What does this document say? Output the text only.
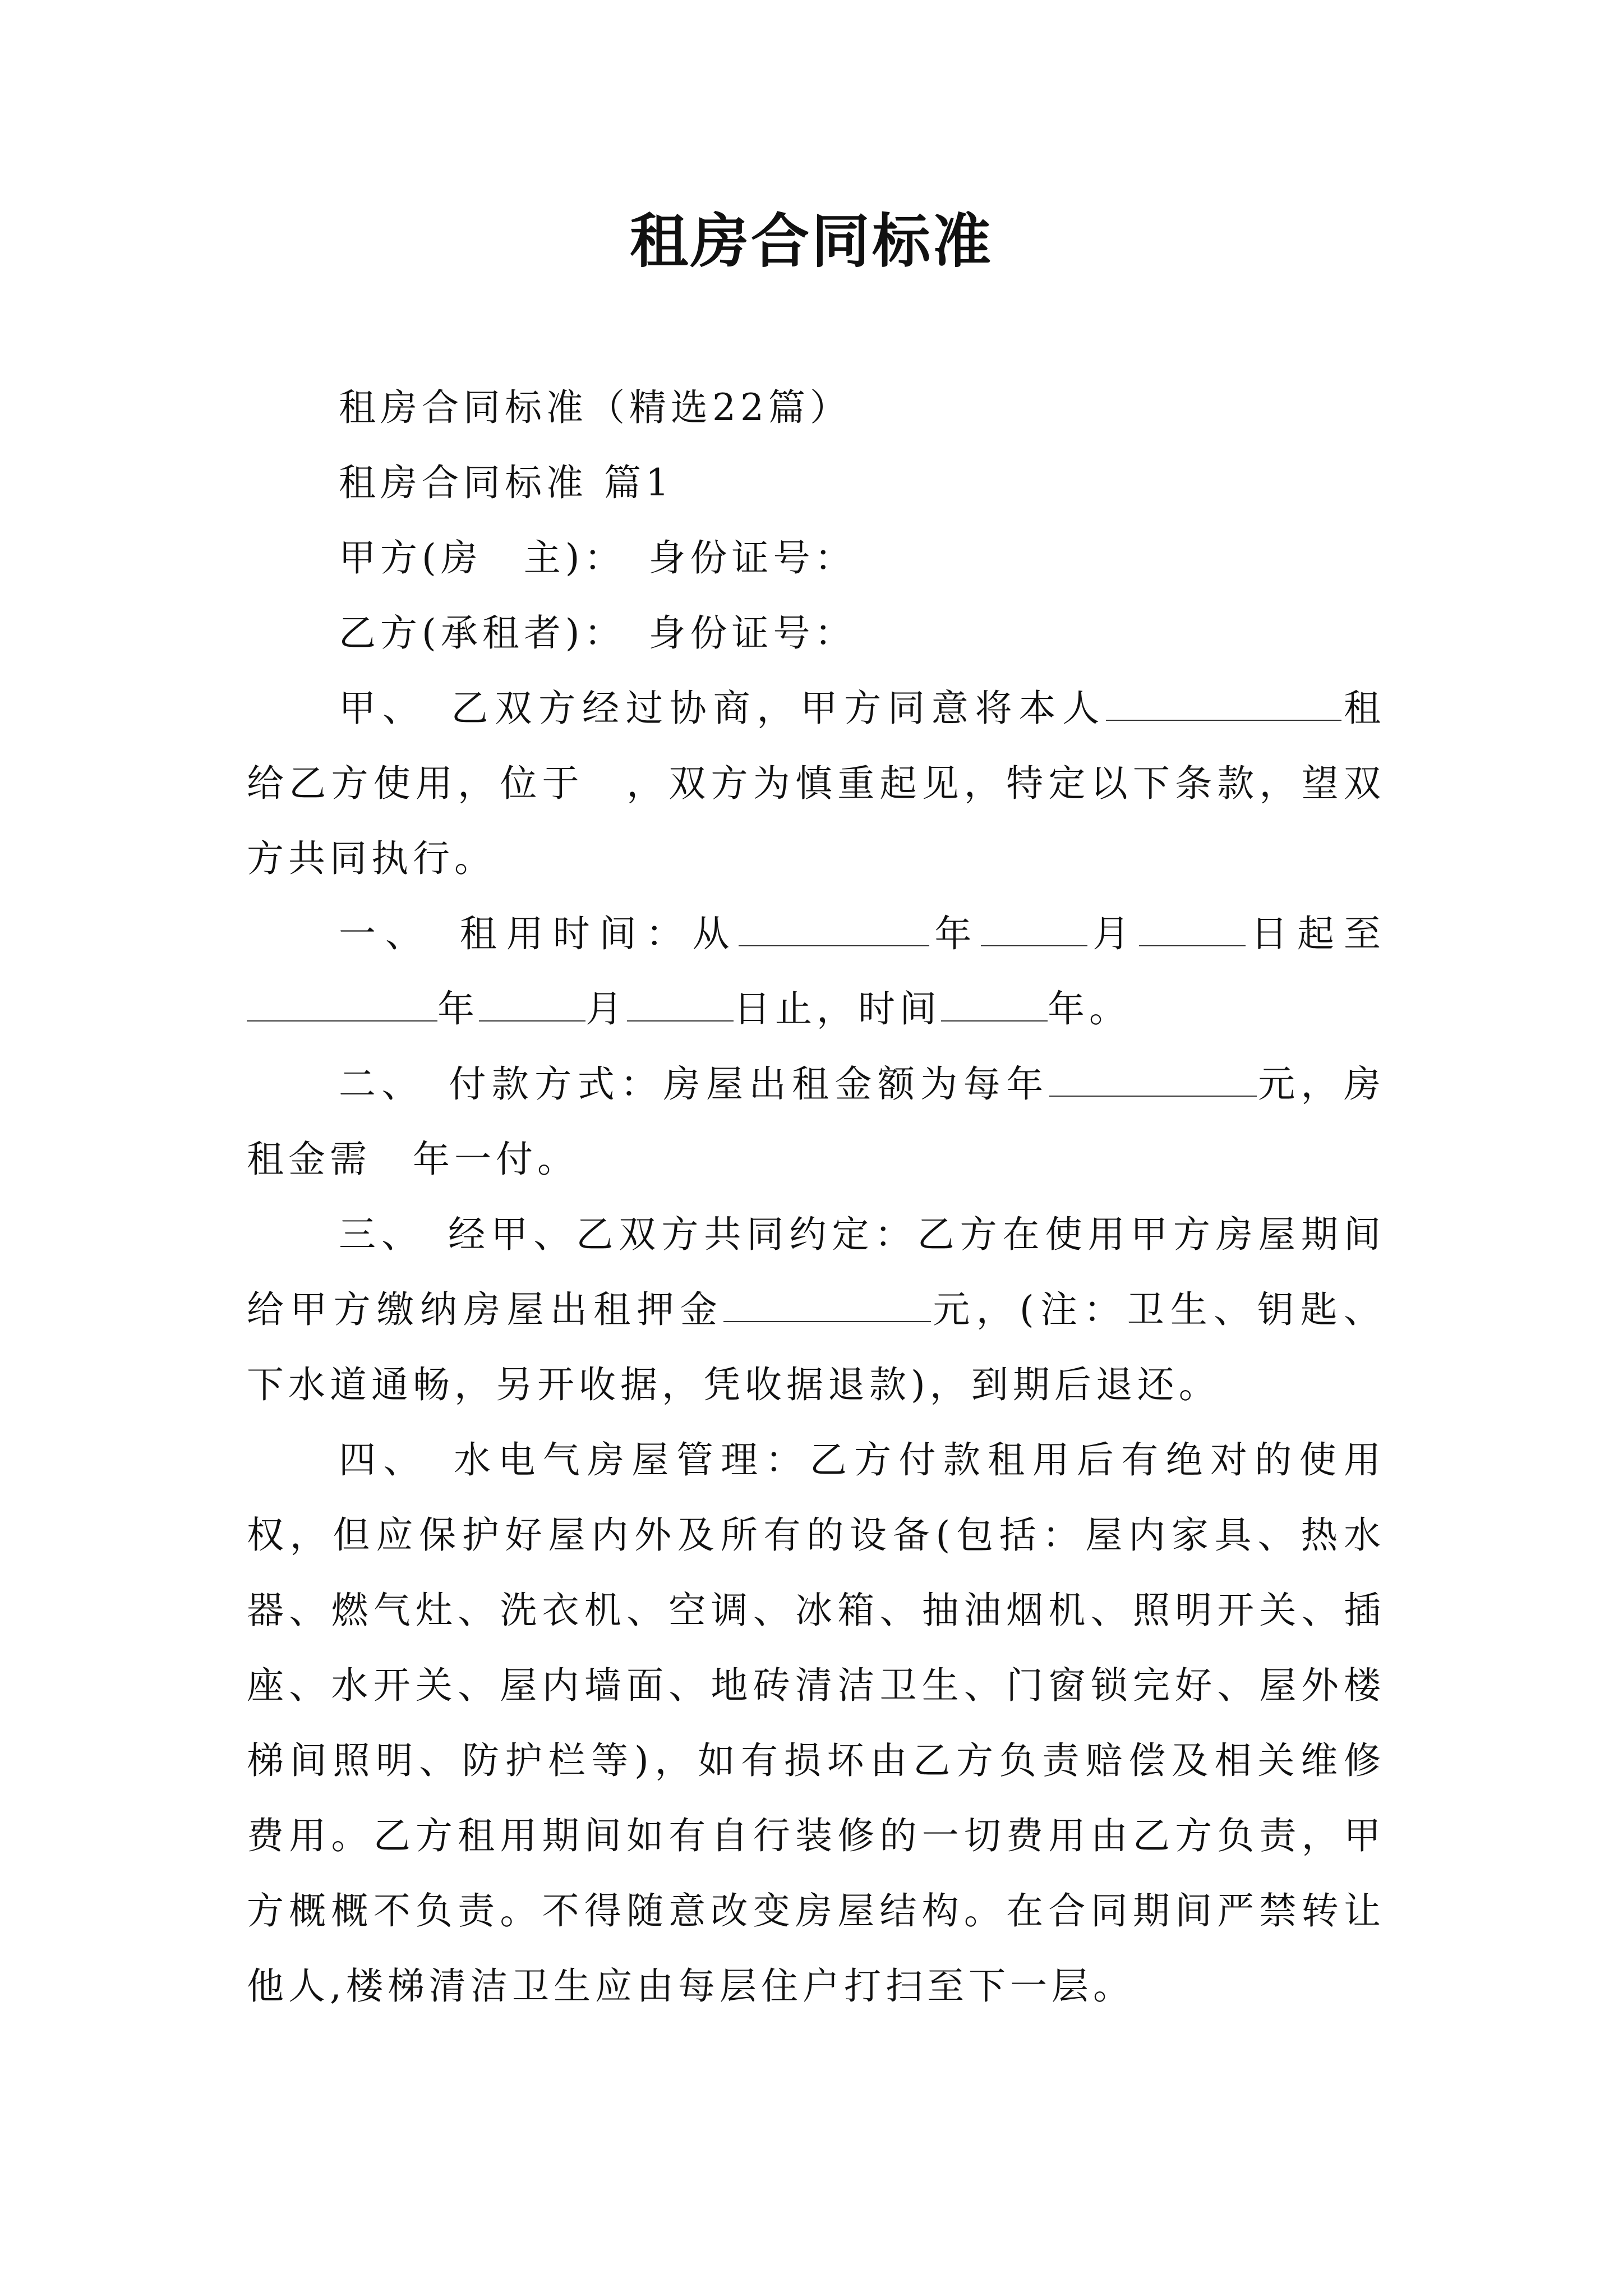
租房合同标准

租房合同标准（精选22篇）

租房合同标准 篇1

甲方(房　主)：　身份证号：

乙方(承租者)：　身份证号：

甲、　乙双方经过协商，甲方同意将本人	租给乙方使用，位于　，双方为慎重起见，特定以下条款，望双方共同执行。

一、　租用时间：从	年	月	日起至年	月	日止，时间	年。

二、　付款方式：房屋出租金额为每年	元，房租金需　年一付。

三、　经甲、乙双方共同约定：乙方在使用甲方房屋期间给甲方缴纳房屋出租押金	元，(注：卫生、钥匙、下水道通畅，另开收据，凭收据退款)，到期后退还。

四、　水电气房屋管理：乙方付款租用后有绝对的使用权，但应保护好屋内外及所有的设备(包括：屋内家具、热水器、燃气灶、洗衣机、空调、冰箱、抽油烟机、照明开关、插座、水开关、屋内墙面、地砖清洁卫生、门窗锁完好、屋外楼梯间照明、防护栏等)，如有损坏由乙方负责赔偿及相关维修费用。乙方租用期间如有自行装修的一切费用由乙方负责，甲方概概不负责。不得随意改变房屋结构。在合同期间严禁转让他人,楼梯清洁卫生应由每层住户打扫至下一层。
